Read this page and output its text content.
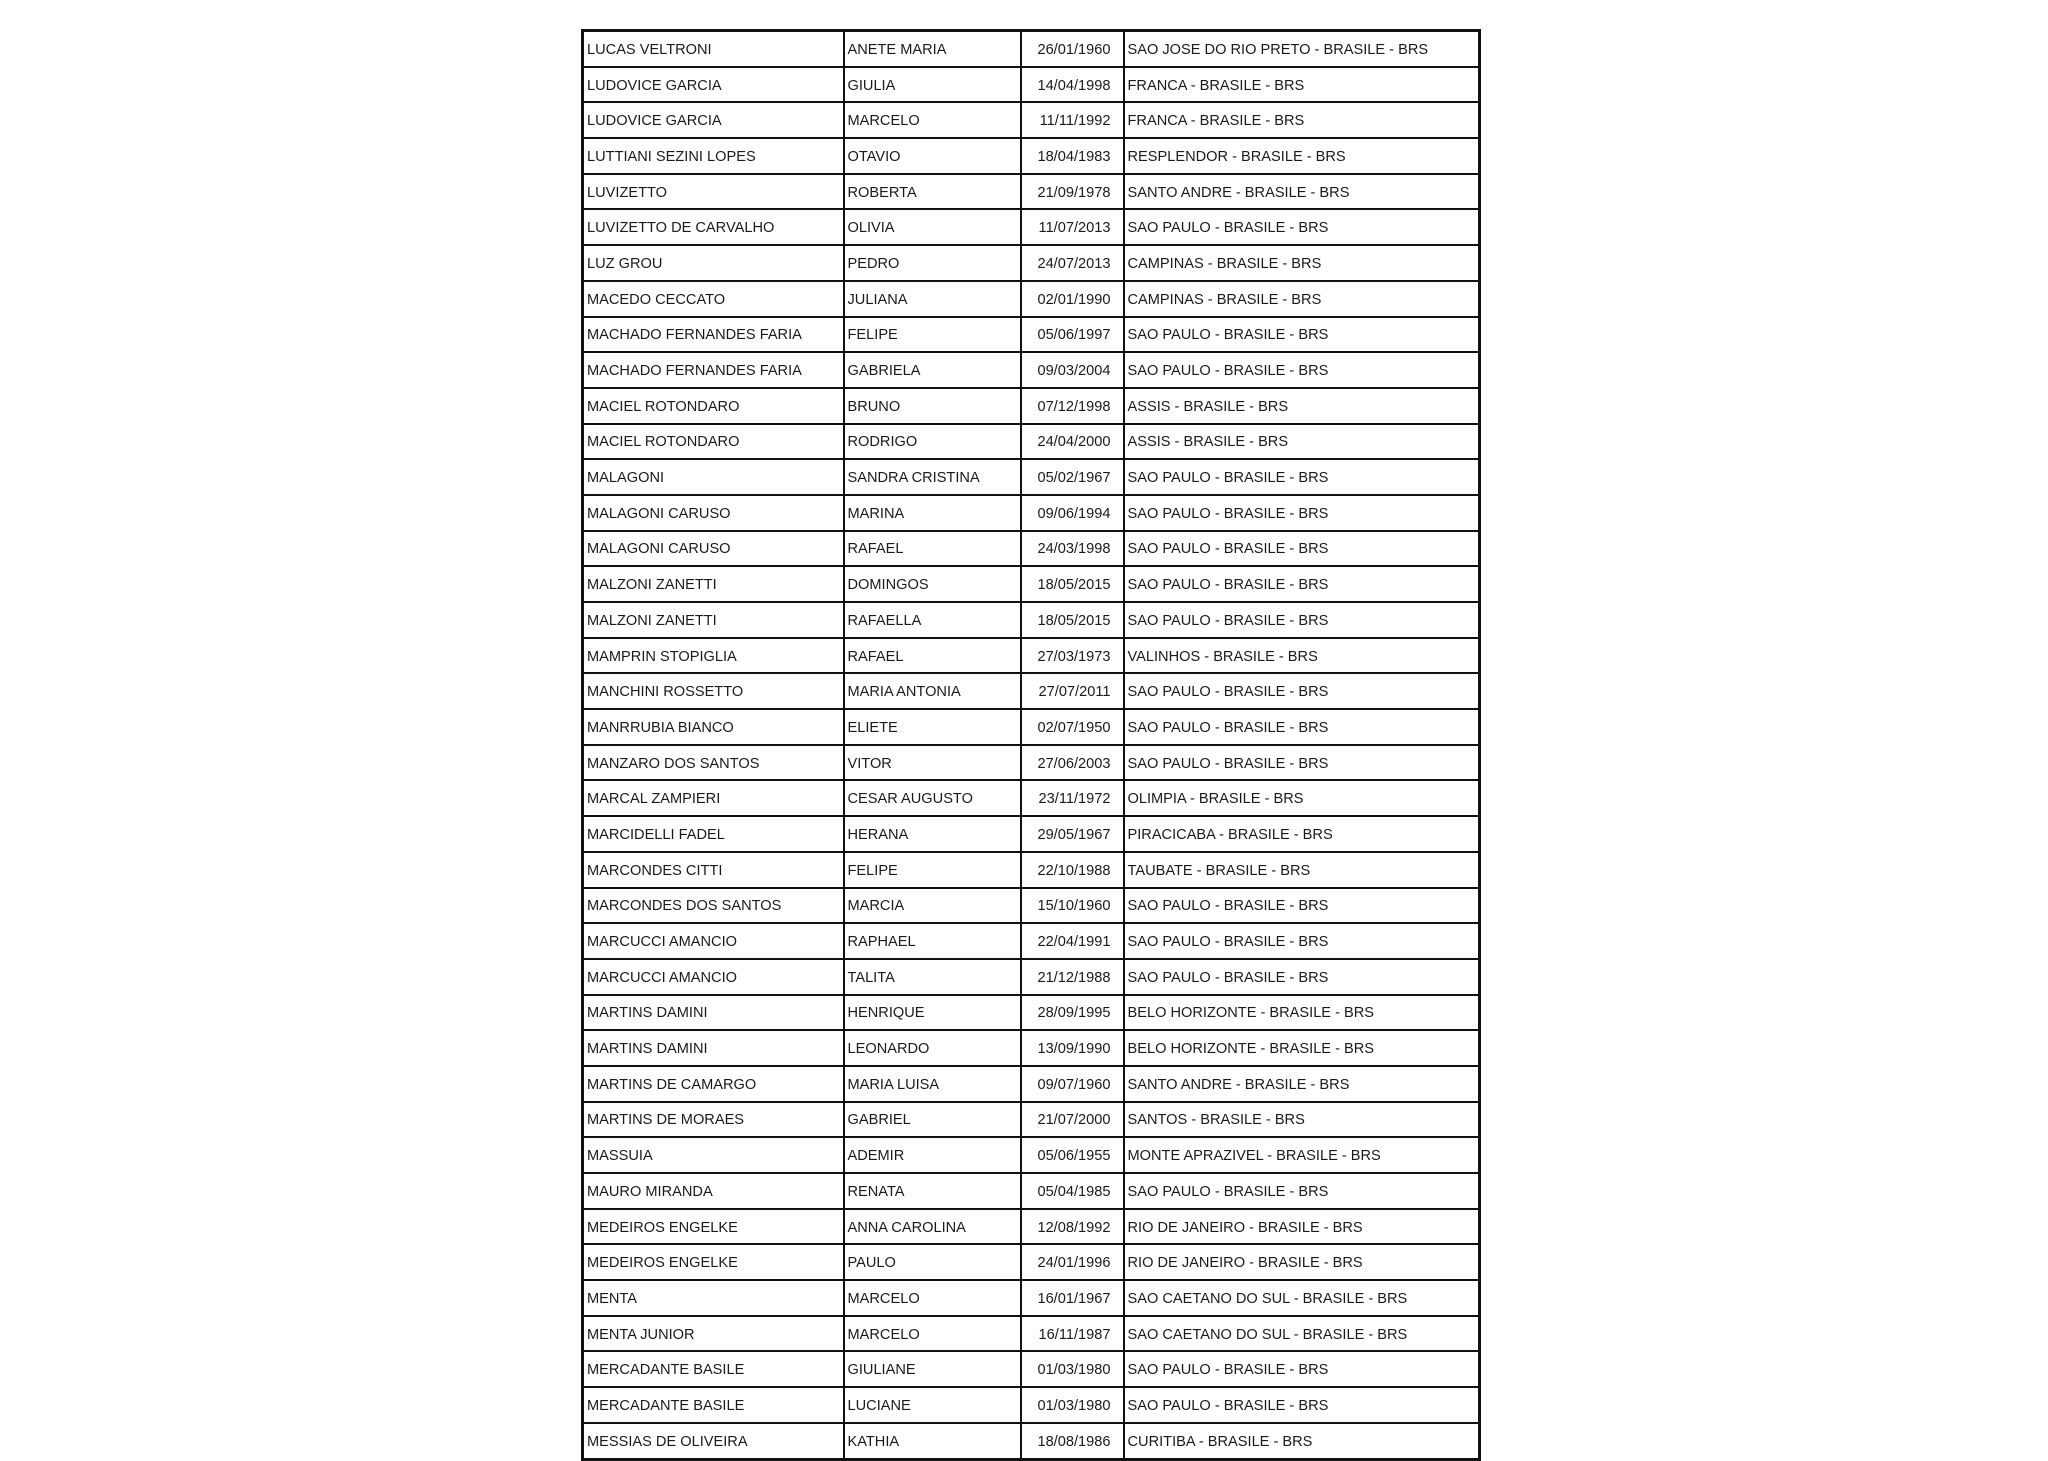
LUCAS VELTRONI	ANETE MARIA	26/01/1960	SAO JOSE DO RIO PRETO - BRASILE - BRS
LUDOVICE GARCIA	GIULIA	14/04/1998	FRANCA - BRASILE - BRS
LUDOVICE GARCIA	MARCELO	11/11/1992	FRANCA - BRASILE - BRS
LUTTIANI SEZINI LOPES	OTAVIO	18/04/1983	RESPLENDOR - BRASILE - BRS
LUVIZETTO	ROBERTA	21/09/1978	SANTO ANDRE - BRASILE - BRS
LUVIZETTO DE CARVALHO	OLIVIA	11/07/2013	SAO PAULO - BRASILE - BRS
LUZ GROU	PEDRO	24/07/2013	CAMPINAS - BRASILE - BRS
MACEDO CECCATO	JULIANA	02/01/1990	CAMPINAS - BRASILE - BRS
MACHADO FERNANDES FARIA	FELIPE	05/06/1997	SAO PAULO - BRASILE - BRS
MACHADO FERNANDES FARIA	GABRIELA	09/03/2004	SAO PAULO - BRASILE - BRS
MACIEL ROTONDARO	BRUNO	07/12/1998	ASSIS - BRASILE - BRS
MACIEL ROTONDARO	RODRIGO	24/04/2000	ASSIS - BRASILE - BRS
MALAGONI	SANDRA CRISTINA	05/02/1967	SAO PAULO - BRASILE - BRS
MALAGONI CARUSO	MARINA	09/06/1994	SAO PAULO - BRASILE - BRS
MALAGONI CARUSO	RAFAEL	24/03/1998	SAO PAULO - BRASILE - BRS
MALZONI ZANETTI	DOMINGOS	18/05/2015	SAO PAULO - BRASILE - BRS
MALZONI ZANETTI	RAFAELLA	18/05/2015	SAO PAULO - BRASILE - BRS
MAMPRIN STOPIGLIA	RAFAEL	27/03/1973	VALINHOS - BRASILE - BRS
MANCHINI ROSSETTO	MARIA ANTONIA	27/07/2011	SAO PAULO - BRASILE - BRS
MANRRUBIA BIANCO	ELIETE	02/07/1950	SAO PAULO - BRASILE - BRS
MANZARO DOS SANTOS	VITOR	27/06/2003	SAO PAULO - BRASILE - BRS
MARCAL ZAMPIERI	CESAR AUGUSTO	23/11/1972	OLIMPIA - BRASILE - BRS
MARCIDELLI FADEL	HERANA	29/05/1967	PIRACICABA - BRASILE - BRS
MARCONDES CITTI	FELIPE	22/10/1988	TAUBATE - BRASILE - BRS
MARCONDES DOS SANTOS	MARCIA	15/10/1960	SAO PAULO - BRASILE - BRS
MARCUCCI AMANCIO	RAPHAEL	22/04/1991	SAO PAULO - BRASILE - BRS
MARCUCCI AMANCIO	TALITA	21/12/1988	SAO PAULO - BRASILE - BRS
MARTINS DAMINI	HENRIQUE	28/09/1995	BELO HORIZONTE - BRASILE - BRS
MARTINS DAMINI	LEONARDO	13/09/1990	BELO HORIZONTE - BRASILE - BRS
MARTINS DE CAMARGO	MARIA LUISA	09/07/1960	SANTO ANDRE - BRASILE - BRS
MARTINS DE MORAES	GABRIEL	21/07/2000	SANTOS - BRASILE - BRS
MASSUIA	ADEMIR	05/06/1955	MONTE APRAZIVEL - BRASILE - BRS
MAURO MIRANDA	RENATA	05/04/1985	SAO PAULO - BRASILE - BRS
MEDEIROS ENGELKE	ANNA CAROLINA	12/08/1992	RIO DE JANEIRO - BRASILE - BRS
MEDEIROS ENGELKE	PAULO	24/01/1996	RIO DE JANEIRO - BRASILE - BRS
MENTA	MARCELO	16/01/1967	SAO CAETANO DO SUL - BRASILE - BRS
MENTA JUNIOR	MARCELO	16/11/1987	SAO CAETANO DO SUL - BRASILE - BRS
MERCADANTE BASILE	GIULIANE	01/03/1980	SAO PAULO - BRASILE - BRS
MERCADANTE BASILE	LUCIANE	01/03/1980	SAO PAULO - BRASILE - BRS
MESSIAS DE OLIVEIRA	KATHIA	18/08/1986	CURITIBA - BRASILE - BRS
